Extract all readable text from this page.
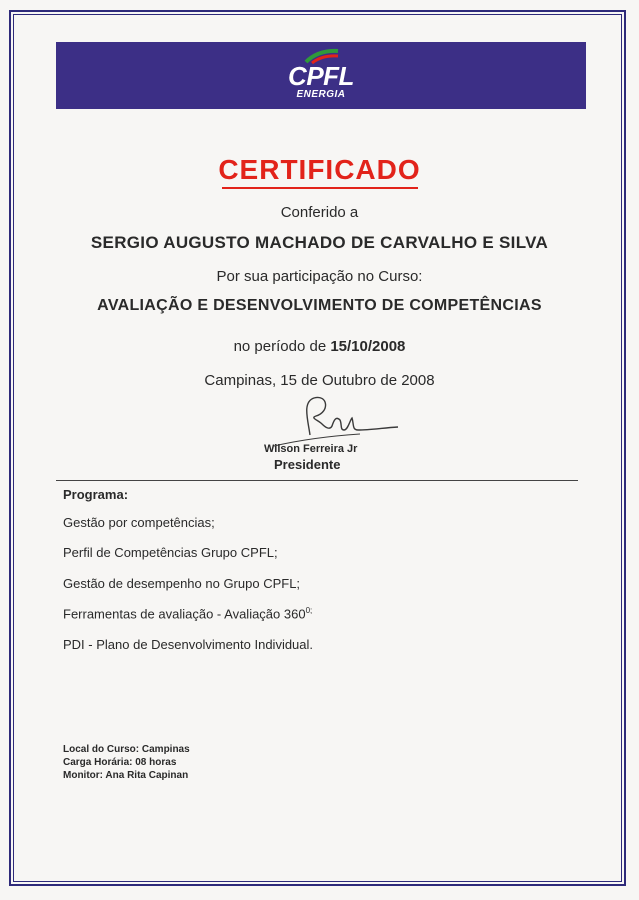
CPFL
ENERGIA
CERTIFICADO
Conferido a
SERGIO AUGUSTO MACHADO DE CARVALHO E SILVA
Por sua participação no Curso:
AVALIAÇÃO E DESENVOLVIMENTO DE COMPETÊNCIAS
no período de 15/10/2008
Campinas, 15 de Outubro de 2008
Wilson Ferreira Jr
Presidente
Programa:
Gestão por competências;
Perfil de Competências Grupo CPFL;
Gestão de desempenho no Grupo CPFL;
Ferramentas de avaliação - Avaliação $360^{0;}$
PDI - Plano de Desenvolvimento Individual.
Local do Curso: Campinas
Carga Horária: 08 horas
Monitor: Ana Rita Capinan
